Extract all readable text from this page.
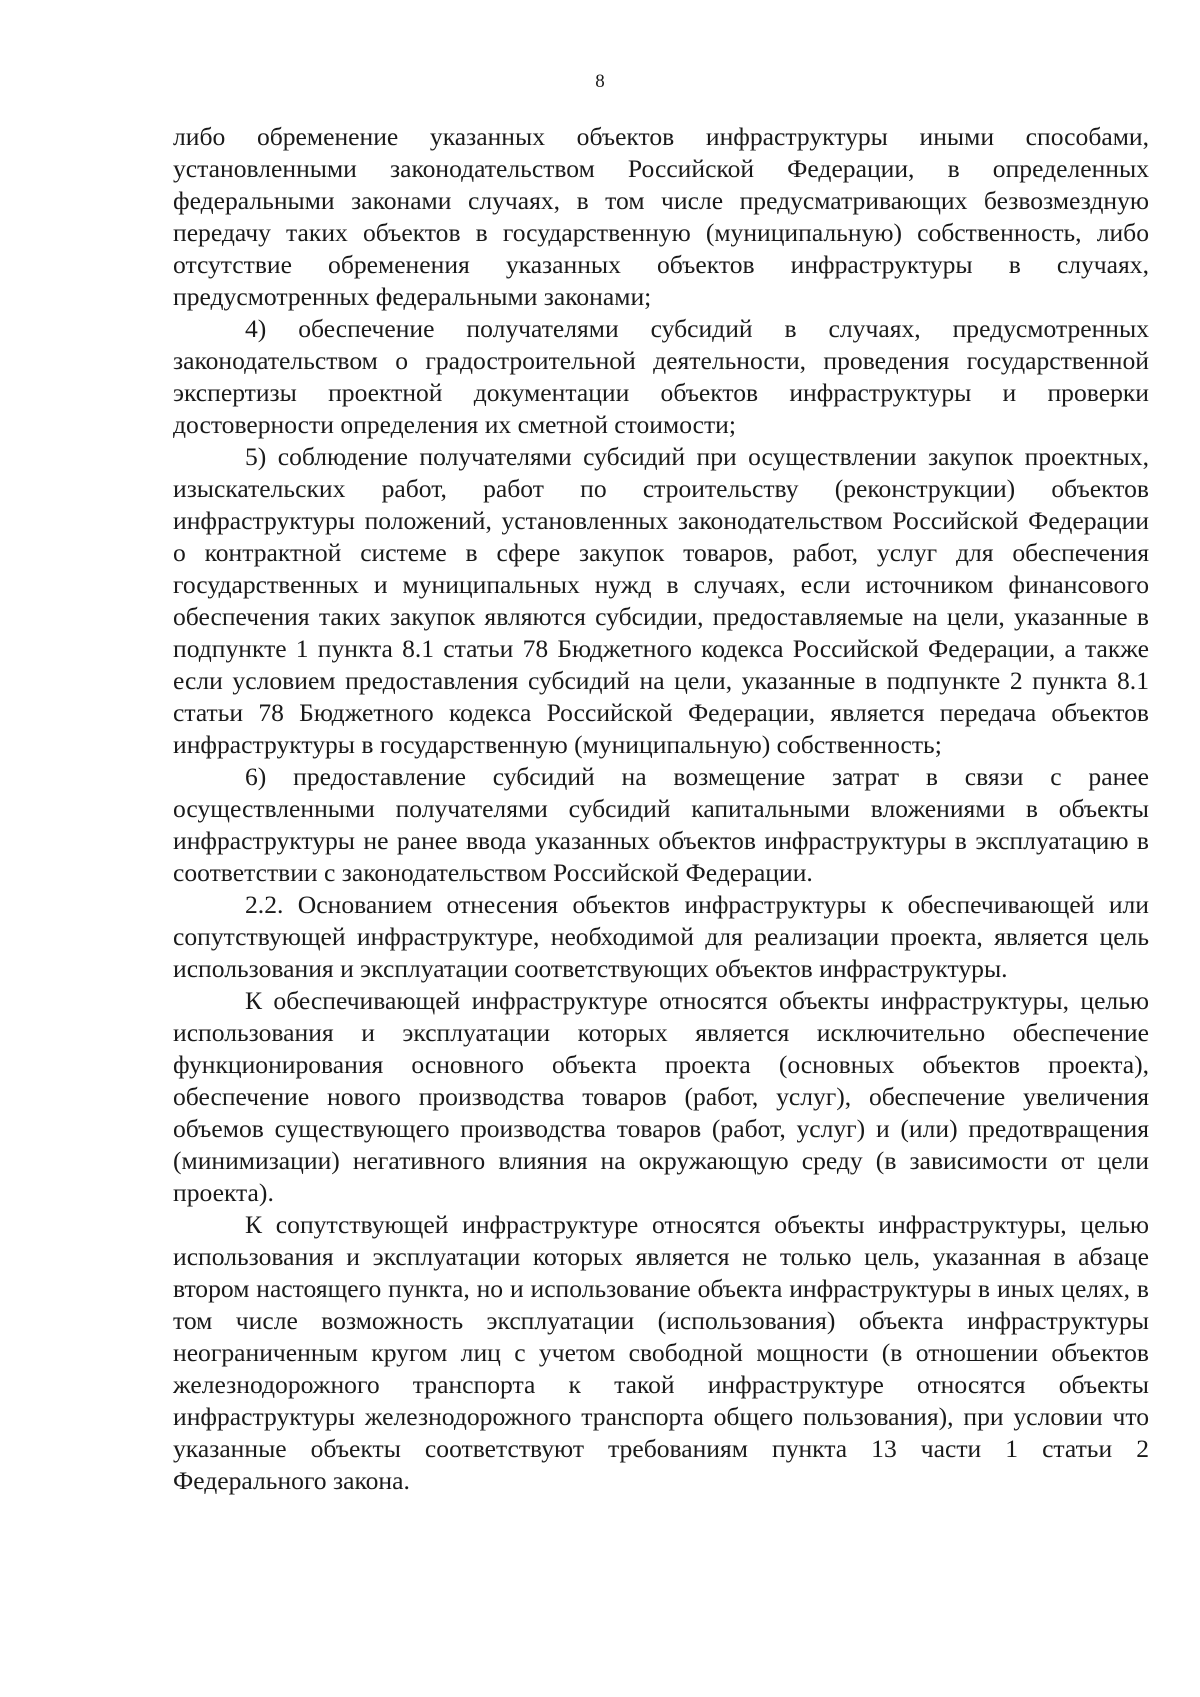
8

либо обременение указанных объектов инфраструктуры иными способами, установленными законодательством Российской Федерации, в определенных федеральными законами случаях, в том числе предусматривающих безвозмездную передачу таких объектов в государственную (муниципальную) собственность, либо отсутствие обременения указанных объектов инфраструктуры в случаях, предусмотренных федеральными законами;

4) обеспечение получателями субсидий в случаях, предусмотренных законодательством о градостроительной деятельности, проведения государственной экспертизы проектной документации объектов инфраструктуры и проверки достоверности определения их сметной стоимости;

5) соблюдение получателями субсидий при осуществлении закупок проектных, изыскательских работ, работ по строительству (реконструкции) объектов инфраструктуры положений, установленных законодательством Российской Федерации о контрактной системе в сфере закупок товаров, работ, услуг для обеспечения государственных и муниципальных нужд в случаях, если источником финансового обеспечения таких закупок являются субсидии, предоставляемые на цели, указанные в подпункте 1 пункта 8.1 статьи 78 Бюджетного кодекса Российской Федерации, а также если условием предоставления субсидий на цели, указанные в подпункте 2 пункта 8.1 статьи 78 Бюджетного кодекса Российской Федерации, является передача объектов инфраструктуры в государственную (муниципальную) собственность;

6) предоставление субсидий на возмещение затрат в связи с ранее осуществленными получателями субсидий капитальными вложениями в объекты инфраструктуры не ранее ввода указанных объектов инфраструктуры в эксплуатацию в соответствии с законодательством Российской Федерации.

2.2. Основанием отнесения объектов инфраструктуры к обеспечивающей или сопутствующей инфраструктуре, необходимой для реализации проекта, является цель использования и эксплуатации соответствующих объектов инфраструктуры.

К обеспечивающей инфраструктуре относятся объекты инфраструктуры, целью использования и эксплуатации которых является исключительно обеспечение функционирования основного объекта проекта (основных объектов проекта), обеспечение нового производства товаров (работ, услуг), обеспечение увеличения объемов существующего производства товаров (работ, услуг) и (или) предотвращения (минимизации) негативного влияния на окружающую среду (в зависимости от цели проекта).

К сопутствующей инфраструктуре относятся объекты инфраструктуры, целью использования и эксплуатации которых является не только цель, указанная в абзаце втором настоящего пункта, но и использование объекта инфраструктуры в иных целях, в том числе возможность эксплуатации (использования) объекта инфраструктуры неограниченным кругом лиц с учетом свободной мощности (в отношении объектов железнодорожного транспорта к такой инфраструктуре относятся объекты инфраструктуры железнодорожного транспорта общего пользования), при условии что указанные объекты соответствуют требованиям пункта 13 части 1 статьи 2 Федерального закона.
